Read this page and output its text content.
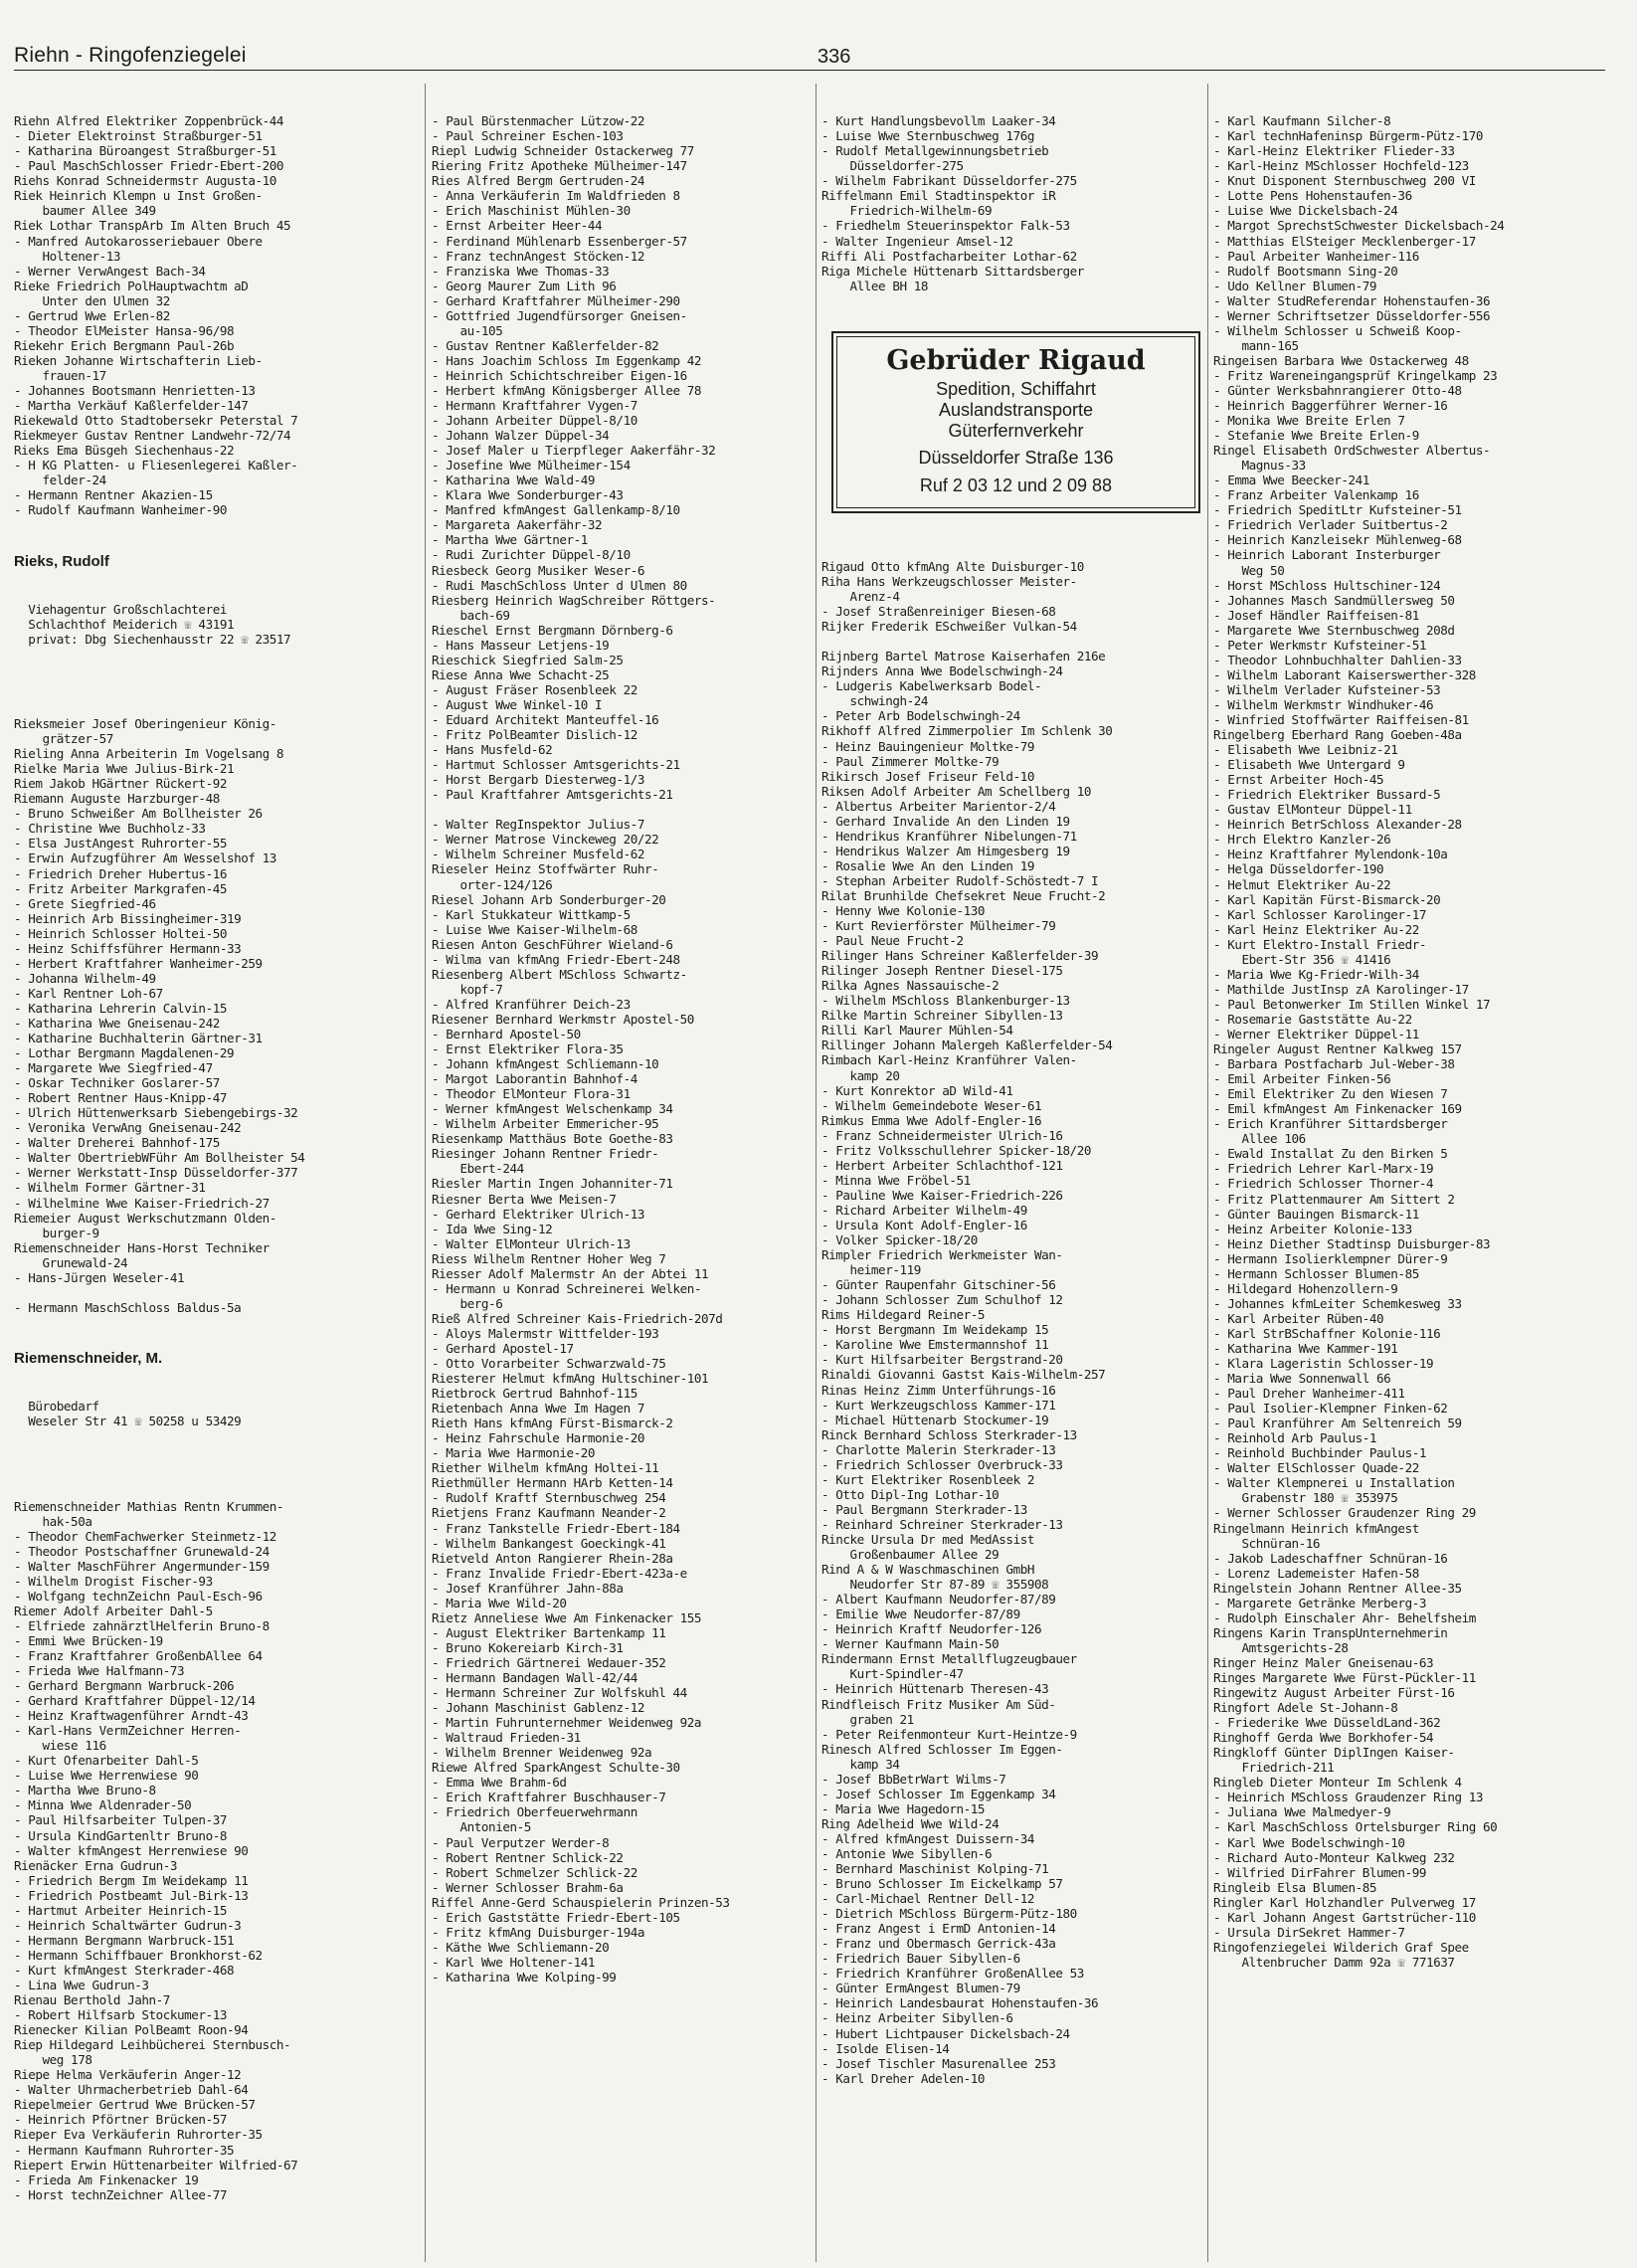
Riehn - Ringofenziegelei	336

Riehn Alfred Elektriker Zoppenbrück-44
- Dieter Elektroinst Straßburger-51
- Katharina Büroangest Straßburger-51
- Paul MaschSchlosser Friedr-Ebert-200
Riehs Konrad Schneidermstr Augusta-10
Riek Heinrich Klempn u Inst Großen-
baumer Allee 349
Riek Lothar TranspArb Im Alten Bruch 45
- Manfred Autokarosseriebauer Obere
Holtener-13
- Werner VerwAngest Bach-34
Rieke Friedrich PolHauptwachtm aD
Unter den Ulmen 32
- Gertrud Wwe Erlen-82
- Theodor ElMeister Hansa-96/98
Riekehr Erich Bergmann Paul-26b
Rieken Johanne Wirtschafterin Lieb-
frauen-17
- Johannes Bootsmann Henrietten-13
- Martha Verkäuf Kaßlerfelder-147
Riekewald Otto Stadtobersekr Peterstal 7
Riekmeyer Gustav Rentner Landwehr-72/74
Rieks Ema Büsgeh Siechenhaus-22
- H KG Platten- u Fliesenlegerei Kaßler-
felder-24
- Hermann Rentner Akazien-15
- Rudolf Kaufmann Wanheimer-90

Rieks, Rudolf

Viehagentur Großschlachterei
Schlachthof Meiderich ☏ 43191
privat: Dbg Siechenhausstr 22 ☏ 23517

Rieksmeier Josef Oberingenieur König-
grätzer-57
Rieling Anna Arbeiterin Im Vogelsang 8
Rielke Maria Wwe Julius-Birk-21
Riem Jakob HGärtner Rückert-92
Riemann Auguste Harzburger-48
- Bruno Schweißer Am Bollheister 26
- Christine Wwe Buchholz-33
- Elsa JustAngest Ruhrorter-55
- Erwin Aufzugführer Am Wesselshof 13
- Friedrich Dreher Hubertus-16
- Fritz Arbeiter Markgrafen-45
- Grete Siegfried-46
- Heinrich Arb Bissingheimer-319
- Heinrich Schlosser Holtei-50
- Heinz Schiffsführer Hermann-33
- Herbert Kraftfahrer Wanheimer-259
- Johanna Wilhelm-49
- Karl Rentner Loh-67
- Katharina Lehrerin Calvin-15
- Katharina Wwe Gneisenau-242
- Katharine Buchhalterin Gärtner-31
- Lothar Bergmann Magdalenen-29
- Margarete Wwe Siegfried-47
- Oskar Techniker Goslarer-57
- Robert Rentner Haus-Knipp-47
- Ulrich Hüttenwerksarb Siebengebirgs-32
- Veronika VerwAng Gneisenau-242
- Walter Dreherei Bahnhof-175
- Walter ObertriebWFühr Am Bollheister 54
- Werner Werkstatt-Insp Düsseldorfer-377
- Wilhelm Former Gärtner-31
- Wilhelmine Wwe Kaiser-Friedrich-27
Riemeier August Werkschutzmann Olden-
burger-9
Riemenschneider Hans-Horst Techniker
Grunewald-24
- Hans-Jürgen Weseler-41
- Hermann MaschSchloss Baldus-5a

Riemenschneider, M.

Bürobedarf
Weseler Str 41 ☏ 50258 u 53429

Riemenschneider Mathias Rentn Krummen-
hak-50a
- Theodor ChemFachwerker Steinmetz-12
- Theodor Postschaffner Grunewald-24
- Walter MaschFührer Angermunder-159
- Wilhelm Drogist Fischer-93
- Wolfgang technZeichn Paul-Esch-96
Riemer Adolf Arbeiter Dahl-5
- Elfriede zahnärztlHelferin Bruno-8
- Emmi Wwe Brücken-19
- Franz Kraftfahrer GroßenbAllee 64
- Frieda Wwe Halfmann-73
- Gerhard Bergmann Warbruck-206
- Gerhard Kraftfahrer Düppel-12/14
- Heinz Kraftwagenführer Arndt-43
- Karl-Hans VermZeichner Herren-
wiese 116
- Kurt Ofenarbeiter Dahl-5
- Luise Wwe Herrenwiese 90
- Martha Wwe Bruno-8
- Minna Wwe Aldenrader-50
- Paul Hilfsarbeiter Tulpen-37
- Ursula KindGartenltr Bruno-8
- Walter kfmAngest Herrenwiese 90
Rienäcker Erna Gudrun-3
- Friedrich Bergm Im Weidekamp 11
- Friedrich Postbeamt Jul-Birk-13
- Hartmut Arbeiter Heinrich-15
- Heinrich Schaltwärter Gudrun-3
- Hermann Bergmann Warbruck-151
- Hermann Schiffbauer Bronkhorst-62
- Kurt kfmAngest Sterkrader-468
- Lina Wwe Gudrun-3
Rienau Berthold Jahn-7
- Robert Hilfsarb Stockumer-13
Rienecker Kilian PolBeamt Roon-94
Riep Hildegard Leihbücherei Sternbusch-
weg 178
Riepe Helma Verkäuferin Anger-12
- Walter Uhrmacherbetrieb Dahl-64
Riepelmeier Gertrud Wwe Brücken-57
- Heinrich Pförtner Brücken-57
Rieper Eva Verkäuferin Ruhrorter-35
- Hermann Kaufmann Ruhrorter-35
Riepert Erwin Hüttenarbeiter Wilfried-67
- Frieda Am Finkenacker 19
- Horst technZeichner Allee-77

- Paul Bürstenmacher Lützow-22
- Paul Schreiner Eschen-103
Riepl Ludwig Schneider Ostackerweg 77
Riering Fritz Apotheke Mülheimer-147
Ries Alfred Bergm Gertruden-24
- Anna Verkäuferin Im Waldfrieden 8
- Erich Maschinist Mühlen-30
- Ernst Arbeiter Heer-44
- Ferdinand Mühlenarb Essenberger-57
- Franz technAngest Stöcken-12
- Franziska Wwe Thomas-33
- Georg Maurer Zum Lith 96
- Gerhard Kraftfahrer Mülheimer-290
- Gottfried Jugendfürsorger Gneisen-
au-105
- Gustav Rentner Kaßlerfelder-82
- Hans Joachim Schloss Im Eggenkamp 42
- Heinrich Schichtschreiber Eigen-16
- Herbert kfmAng Königsberger Allee 78
- Hermann Kraftfahrer Vygen-7
- Johann Arbeiter Düppel-8/10
- Johann Walzer Düppel-34
- Josef Maler u Tierpfleger Aakerfähr-32
- Josefine Wwe Mülheimer-154
- Katharina Wwe Wald-49
- Klara Wwe Sonderburger-43
- Manfred kfmAngest Gallenkamp-8/10
- Margareta Aakerfähr-32
- Martha Wwe Gärtner-1
- Rudi Zurichter Düppel-8/10
Riesbeck Georg Musiker Weser-6
- Rudi MaschSchloss Unter d Ulmen 80
Riesberg Heinrich WagSchreiber Röttgers-
bach-69
Rieschel Ernst Bergmann Dörnberg-6
- Hans Masseur Letjens-19
Rieschick Siegfried Salm-25
Riese Anna Wwe Schacht-25
- August Fräser Rosenbleek 22
- August Wwe Winkel-10 I
- Eduard Architekt Manteuffel-16
- Fritz PolBeamter Dislich-12
- Hans Musfeld-62
- Hartmut Schlosser Amtsgerichts-21
- Horst Bergarb Diesterweg-1/3
- Paul Kraftfahrer Amtsgerichts-21
- Walter RegInspektor Julius-7
- Werner Matrose Vinckeweg 20/22
- Wilhelm Schreiner Musfeld-62
Rieseler Heinz Stoffwärter Ruhr-
orter-124/126
Riesel Johann Arb Sonderburger-20
- Karl Stukkateur Wittkamp-5
- Luise Wwe Kaiser-Wilhelm-68
Riesen Anton GeschFührer Wieland-6
- Wilma van kfmAng Friedr-Ebert-248
Riesenberg Albert MSchloss Schwartz-
kopf-7
- Alfred Kranführer Deich-23
Riesener Bernhard Werkmstr Apostel-50
- Bernhard Apostel-50
- Ernst Elektriker Flora-35
- Johann kfmAngest Schliemann-10
- Margot Laborantin Bahnhof-4
- Theodor ElMonteur Flora-31
- Werner kfmAngest Welschenkamp 34
- Wilhelm Arbeiter Emmericher-95
Riesenkamp Matthäus Bote Goethe-83
Riesinger Johann Rentner Friedr-
Ebert-244
Riesler Martin Ingen Johanniter-71
Riesner Berta Wwe Meisen-7
- Gerhard Elektriker Ulrich-13
- Ida Wwe Sing-12
- Walter ElMonteur Ulrich-13
Riess Wilhelm Rentner Hoher Weg 7
Riesser Adolf Malermstr An der Abtei 11
- Hermann u Konrad Schreinerei Welken-
berg-6
Rieß Alfred Schreiner Kais-Friedrich-207d
- Aloys Malermstr Wittfelder-193
- Gerhard Apostel-17
- Otto Vorarbeiter Schwarzwald-75
Riesterer Helmut kfmAng Hultschiner-101
Rietbrock Gertrud Bahnhof-115
Rietenbach Anna Wwe Im Hagen 7
Rieth Hans kfmAng Fürst-Bismarck-2
- Heinz Fahrschule Harmonie-20
- Maria Wwe Harmonie-20
Riether Wilhelm kfmAng Holtei-11
Riethmüller Hermann HArb Ketten-14
- Rudolf Kraftf Sternbuschweg 254
Rietjens Franz Kaufmann Neander-2
- Franz Tankstelle Friedr-Ebert-184
- Wilhelm Bankangest Goeckingk-41
Rietveld Anton Rangierer Rhein-28a
- Franz Invalide Friedr-Ebert-423a-e
- Josef Kranführer Jahn-88a
- Maria Wwe Wild-20
Rietz Anneliese Wwe Am Finkenacker 155
- August Elektriker Bartenkamp 11
- Bruno Kokereiarb Kirch-31
- Friedrich Gärtnerei Wedauer-352
- Hermann Bandagen Wall-42/44
- Hermann Schreiner Zur Wolfskuhl 44
- Johann Maschinist Gablenz-12
- Martin Fuhrunternehmer Weidenweg 92a
- Waltraud Frieden-31
- Wilhelm Brenner Weidenweg 92a
Riewe Alfred SparkAngest Schulte-30
- Emma Wwe Brahm-6d
- Erich Kraftfahrer Buschhauser-7
- Friedrich Oberfeuerwehrmann
Antonien-5
- Paul Verputzer Werder-8
- Robert Rentner Schlick-22
- Robert Schmelzer Schlick-22
- Werner Schlosser Brahm-6a
Riffel Anne-Gerd Schauspielerin Prinzen-53
- Erich Gaststätte Friedr-Ebert-105
- Fritz kfmAng Duisburger-194a
- Käthe Wwe Schliemann-20
- Karl Wwe Holtener-141
- Katharina Wwe Kolping-99

- Kurt Handlungsbevollm Laaker-34
- Luise Wwe Sternbuschweg 176g
- Rudolf Metallgewinnungsbetrieb
Düsseldorfer-275
- Wilhelm Fabrikant Düsseldorfer-275
Riffelmann Emil Stadtinspektor iR
Friedrich-Wilhelm-69
- Friedhelm Steuerinspektor Falk-53
- Walter Ingenieur Amsel-12
Riffi Ali Postfacharbeiter Lothar-62
Riga Michele Hüttenarb Sittardsberger
Allee BH 18

Gebrüder Rigaud
Spedition, Schiffahrt
Auslandstransporte
Güterfernverkehr
Düsseldorfer Straße 136
Ruf 2 03 12 und 2 09 88

Rigaud Otto kfmAng Alte Duisburger-10
Riha Hans Werkzeugschlosser Meister-
Arenz-4
- Josef Straßenreiniger Biesen-68
Rijker Frederik ESchweißer Vulkan-54
Rijnberg Bartel Matrose Kaiserhafen 216e
Rijnders Anna Wwe Bodelschwingh-24
- Ludgeris Kabelwerksarb Bodel-
schwingh-24
- Peter Arb Bodelschwingh-24
Rikhoff Alfred Zimmerpolier Im Schlenk 30
- Heinz Bauingenieur Moltke-79
- Paul Zimmerer Moltke-79
Rikirsch Josef Friseur Feld-10
Riksen Adolf Arbeiter Am Schellberg 10
- Albertus Arbeiter Marientor-2/4
- Gerhard Invalide An den Linden 19
- Hendrikus Kranführer Nibelungen-71
- Hendrikus Walzer Am Himgesberg 19
- Rosalie Wwe An den Linden 19
- Stephan Arbeiter Rudolf-Schöstedt-7 I
Rilat Brunhilde Chefsekret Neue Frucht-2
- Henny Wwe Kolonie-130
- Kurt Revierförster Mülheimer-79
- Paul Neue Frucht-2
Rilinger Hans Schreiner Kaßlerfelder-39
Rilinger Joseph Rentner Diesel-175
Rilka Agnes Nassauische-2
- Wilhelm MSchloss Blankenburger-13
Rilke Martin Schreiner Sibyllen-13
Rilli Karl Maurer Mühlen-54
Rillinger Johann Malergeh Kaßlerfelder-54
Rimbach Karl-Heinz Kranführer Valen-
kamp 20
- Kurt Konrektor aD Wild-41
- Wilhelm Gemeindebote Weser-61
Rimkus Emma Wwe Adolf-Engler-16
- Franz Schneidermeister Ulrich-16
- Fritz Volksschullehrer Spicker-18/20
- Herbert Arbeiter Schlachthof-121
- Minna Wwe Fröbel-51
- Pauline Wwe Kaiser-Friedrich-226
- Richard Arbeiter Wilhelm-49
- Ursula Kont Adolf-Engler-16
- Volker Spicker-18/20
Rimpler Friedrich Werkmeister Wan-
heimer-119
- Günter Raupenfahr Gitschiner-56
- Johann Schlosser Zum Schulhof 12
Rims Hildegard Reiner-5
- Horst Bergmann Im Weidekamp 15
- Karoline Wwe Emstermannshof 11
- Kurt Hilfsarbeiter Bergstrand-20
Rinaldi Giovanni Gastst Kais-Wilhelm-257
Rinas Heinz Zimm Unterführungs-16
- Kurt Werkzeugschloss Kammer-171
- Michael Hüttenarb Stockumer-19
Rinck Bernhard Schloss Sterkrader-13
- Charlotte Malerin Sterkrader-13
- Friedrich Schlosser Overbruck-33
- Kurt Elektriker Rosenbleek 2
- Otto Dipl-Ing Lothar-10
- Paul Bergmann Sterkrader-13
- Reinhard Schreiner Sterkrader-13
Rincke Ursula Dr med MedAssist
Großenbaumer Allee 29
Rind A & W Waschmaschinen GmbH
Neudorfer Str 87-89 ☏ 355908
- Albert Kaufmann Neudorfer-87/89
- Emilie Wwe Neudorfer-87/89
- Heinrich Kraftf Neudorfer-126
- Werner Kaufmann Main-50
Rindermann Ernst Metallflugzeugbauer
Kurt-Spindler-47
- Heinrich Hüttenarb Theresen-43
Rindfleisch Fritz Musiker Am Süd-
graben 21
- Peter Reifenmonteur Kurt-Heintze-9
Rinesch Alfred Schlosser Im Eggen-
kamp 34
- Josef BbBetrWart Wilms-7
- Josef Schlosser Im Eggenkamp 34
- Maria Wwe Hagedorn-15
Ring Adelheid Wwe Wild-24
- Alfred kfmAngest Duissern-34
- Antonie Wwe Sibyllen-6
- Bernhard Maschinist Kolping-71
- Bruno Schlosser Im Eickelkamp 57
- Carl-Michael Rentner Dell-12
- Dietrich MSchloss Bürgerm-Pütz-180
- Franz Angest i ErmD Antonien-14
- Franz und Obermasch Gerrick-43a
- Friedrich Bauer Sibyllen-6
- Friedrich Kranführer GroßenAllee 53
- Günter ErmAngest Blumen-79
- Heinrich Landesbaurat Hohenstaufen-36
- Heinz Arbeiter Sibyllen-6
- Hubert Lichtpauser Dickelsbach-24
- Isolde Elisen-14
- Josef Tischler Masurenallee 253
- Karl Dreher Adelen-10

- Karl Kaufmann Silcher-8
- Karl technHafeninsp Bürgerm-Pütz-170
- Karl-Heinz Elektriker Flieder-33
- Karl-Heinz MSchlosser Hochfeld-123
- Knut Disponent Sternbuschweg 200 VI
- Lotte Pens Hohenstaufen-36
- Luise Wwe Dickelsbach-24
- Margot SprechstSchwester Dickelsbach-24
- Matthias ElSteiger Mecklenberger-17
- Paul Arbeiter Wanheimer-116
- Rudolf Bootsmann Sing-20
- Udo Kellner Blumen-79
- Walter StudReferendar Hohenstaufen-36
- Werner Schriftsetzer Düsseldorfer-556
- Wilhelm Schlosser u Schweiß Koop-
mann-165
Ringeisen Barbara Wwe Ostackerweg 48
- Fritz Wareneingangsprüf Kringelkamp 23
- Günter Werksbahnrangierer Otto-48
- Heinrich Baggerführer Werner-16
- Monika Wwe Breite Erlen 7
- Stefanie Wwe Breite Erlen-9
Ringel Elisabeth OrdSchwester Albertus-
Magnus-33
- Emma Wwe Beecker-241
- Franz Arbeiter Valenkamp 16
- Friedrich SpeditLtr Kufsteiner-51
- Friedrich Verlader Suitbertus-2
- Heinrich Kanzleisekr Mühlenweg-68
- Heinrich Laborant Insterburger
Weg 50
- Horst MSchloss Hultschiner-124
- Johannes Masch Sandmüllersweg 50
- Josef Händler Raiffeisen-81
- Margarete Wwe Sternbuschweg 208d
- Peter Werkmstr Kufsteiner-51
- Theodor Lohnbuchhalter Dahlien-33
- Wilhelm Laborant Kaiserswerther-328
- Wilhelm Verlader Kufsteiner-53
- Wilhelm Werkmstr Windhuker-46
- Winfried Stoffwärter Raiffeisen-81
Ringelberg Eberhard Rang Goeben-48a
- Elisabeth Wwe Leibniz-21
- Elisabeth Wwe Untergard 9
- Ernst Arbeiter Hoch-45
- Friedrich Elektriker Bussard-5
- Gustav ElMonteur Düppel-11
- Heinrich BetrSchloss Alexander-28
- Hrch Elektro Kanzler-26
- Heinz Kraftfahrer Mylendonk-10a
- Helga Düsseldorfer-190
- Helmut Elektriker Au-22
- Karl Kapitän Fürst-Bismarck-20
- Karl Schlosser Karolinger-17
- Karl Heinz Elektriker Au-22
- Kurt Elektro-Install Friedr-
Ebert-Str 356 ☏ 41416
- Maria Wwe Kg-Friedr-Wilh-34
- Mathilde JustInsp zA Karolinger-17
- Paul Betonwerker Im Stillen Winkel 17
- Rosemarie Gaststätte Au-22
- Werner Elektriker Düppel-11
Ringeler August Rentner Kalkweg 157
- Barbara Postfacharb Jul-Weber-38
- Emil Arbeiter Finken-56
- Emil Elektriker Zu den Wiesen 7
- Emil kfmAngest Am Finkenacker 169
- Erich Kranführer Sittardsberger
Allee 106
- Ewald Installat Zu den Birken 5
- Friedrich Lehrer Karl-Marx-19
- Friedrich Schlosser Thorner-4
- Fritz Plattenmaurer Am Sittert 2
- Günter Bauingen Bismarck-11
- Heinz Arbeiter Kolonie-133
- Heinz Diether Stadtinsp Duisburger-83
- Hermann Isolierklempner Dürer-9
- Hermann Schlosser Blumen-85
- Hildegard Hohenzollern-9
- Johannes kfmLeiter Schemkesweg 33
- Karl Arbeiter Rüben-40
- Karl StrBSchaffner Kolonie-116
- Katharina Wwe Kammer-191
- Klara Lageristin Schlosser-19
- Maria Wwe Sonnenwall 66
- Paul Dreher Wanheimer-411
- Paul Isolier-Klempner Finken-62
- Paul Kranführer Am Seltenreich 59
- Reinhold Arb Paulus-1
- Reinhold Buchbinder Paulus-1
- Walter ElSchlosser Quade-22
- Walter Klempnerei u Installation
Grabenstr 180 ☏ 353975
- Werner Schlosser Graudenzer Ring 29
Ringelmann Heinrich kfmAngest
Schnüran-16
- Jakob Ladeschaffner Schnüran-16
- Lorenz Lademeister Hafen-58
Ringelstein Johann Rentner Allee-35
- Margarete Getränke Merberg-3
- Rudolph Einschaler Ahr- Behelfsheim
Ringens Karin TranspUnternehmerin
Amtsgerichts-28
Ringer Heinz Maler Gneisenau-63
Ringes Margarete Wwe Fürst-Pückler-11
Ringewitz August Arbeiter Fürst-16
Ringfort Adele St-Johann-8
- Friederike Wwe DüsseldLand-362
Ringhoff Gerda Wwe Borkhofer-54
Ringkloff Günter DiplIngen Kaiser-
Friedrich-211
Ringleb Dieter Monteur Im Schlenk 4
- Heinrich MSchloss Graudenzer Ring 13
- Juliana Wwe Malmedyer-9
- Karl MaschSchloss Ortelsburger Ring 60
- Karl Wwe Bodelschwingh-10
- Richard Auto-Monteur Kalkweg 232
- Wilfried DirFahrer Blumen-99
Ringleib Elsa Blumen-85
Ringler Karl Holzhandler Pulverweg 17
- Karl Johann Angest Gartstrücher-110
- Ursula DirSekret Hammer-7
Ringofenziegelei Wilderich Graf Spee
Altenbrucher Damm 92a ☏ 771637
